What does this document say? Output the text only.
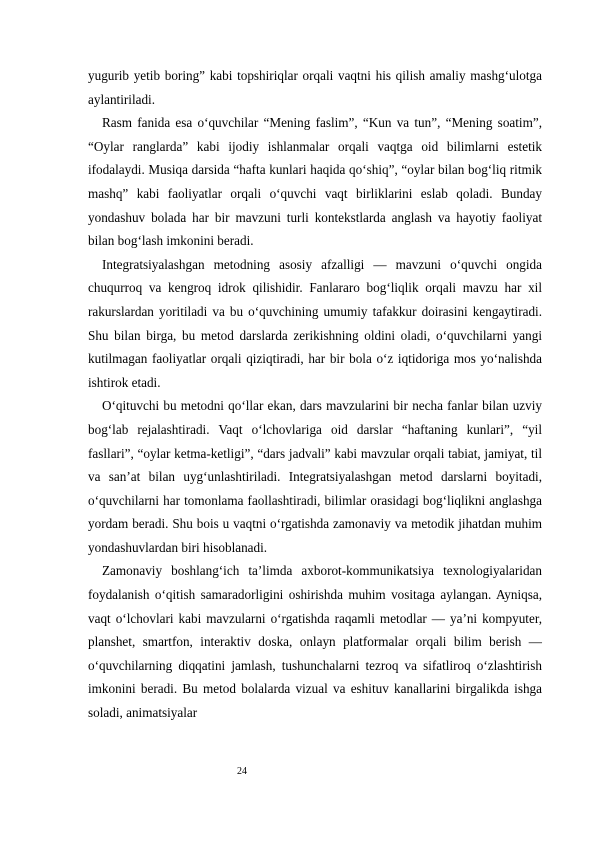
yugurib yetib boring” kabi topshiriqlar orqali vaqtni his qilish amaliy mashg‘ulotga aylantiriladi.

Rasm fanida esa o‘quvchilar “Mening faslim”, “Kun va tun”, “Mening soatim”, “Oylar ranglarda” kabi ijodiy ishlanmalar orqali vaqtga oid bilimlarni estetik ifodalaydi. Musiqa darsida “hafta kunlari haqida qo‘shiq”, “oylar bilan bog‘liq ritmik mashq” kabi faoliyatlar orqali o‘quvchi vaqt birliklarini eslab qoladi. Bunday yondashuv bolada har bir mavzuni turli kontekstlarda anglash va hayotiy faoliyat bilan bog‘lash imkonini beradi.

Integratsiyalashgan metodning asosiy afzalligi — mavzuni o‘quvchi ongida chuqurroq va kengroq idrok qilishidir. Fanlararo bog‘liqlik orqali mavzu har xil rakurslardan yoritiladi va bu o‘quvchining umumiy tafakkur doirasini kengaytiradi. Shu bilan birga, bu metod darslarda zerikishning oldini oladi, o‘quvchilarni yangi kutilmagan faoliyatlar orqali qiziqtiradi, har bir bola o‘z iqtidoriga mos yo‘nalishda ishtirok etadi.

O‘qituvchi bu metodni qo‘llar ekan, dars mavzularini bir necha fanlar bilan uzviy bog‘lab rejalashtiradi. Vaqt o‘lchovlariga oid darslar “haftaning kunlari”, “yil fasllari”, “oylar ketma-ketligi”, “dars jadvali” kabi mavzular orqali tabiat, jamiyat, til va san’at bilan uyg‘unlashtiriladi. Integratsiyalashgan metod darslarni boyitadi, o‘quvchilarni har tomonlama faollashtiradi, bilimlar orasidagi bog‘liqlikni anglashga yordam beradi. Shu bois u vaqtni o‘rgatishda zamonaviy va metodik jihatdan muhim yondashuvlardan biri hisoblanadi.

Zamonaviy boshlang‘ich ta’limda axborot-kommunikatsiya texnologiyalaridan foydalanish o‘qitish samaradorligini oshirishda muhim vositaga aylangan. Ayniqsa, vaqt o‘lchovlari kabi mavzularni o‘rgatishda raqamli metodlar — ya’ni kompyuter, planshet, smartfon, interaktiv doska, onlayn platformalar orqali bilim berish — o‘quvchilarning diqqatini jamlash, tushunchalarni tezroq va sifatliroq o‘zlashtirish imkonini beradi. Bu metod bolalarda vizual va eshituv kanallarini birgalikda ishga soladi, animatsiyalar

24
